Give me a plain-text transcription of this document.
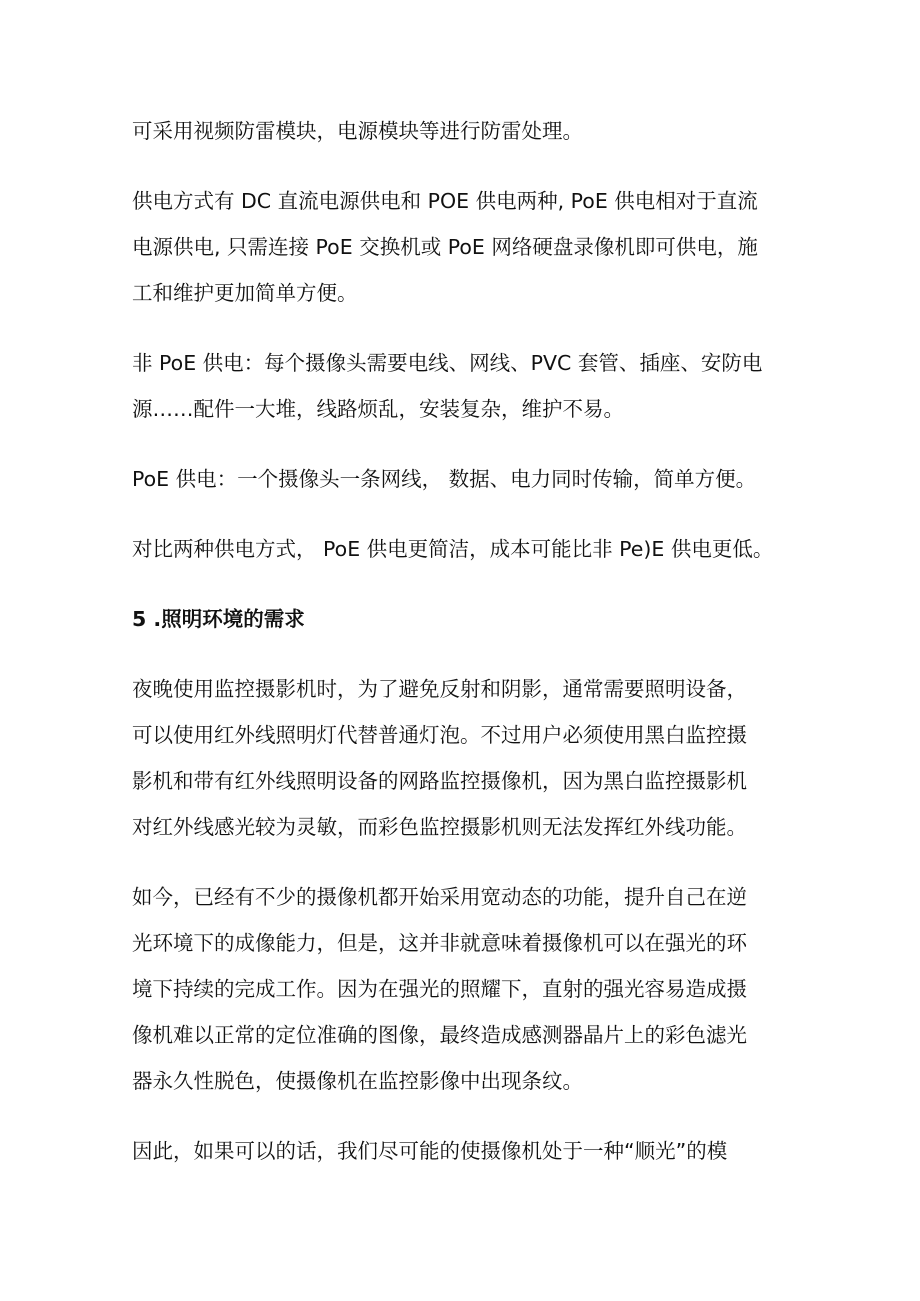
可采用视频防雷模块，电源模块等进行防雷处理。

供电方式有 DC 直流电源供电和 POE 供电两种, PoE 供电相对于直流
电源供电, 只需连接 PoE 交换机或 PoE 网络硬盘录像机即可供电，施
工和维护更加简单方便。

非 PoE 供电：每个摄像头需要电线、网线、PVC 套管、插座、安防电
源……配件一大堆，线路烦乱，安装复杂，维护不易。

PoE 供电：一个摄像头一条网线， 数据、电力同时传输，简单方便。

对比两种供电方式， PoE 供电更简洁，成本可能比非 Pe)E 供电更低。

5 .照明环境的需求

夜晚使用监控摄影机时，为了避免反射和阴影，通常需要照明设备，
可以使用红外线照明灯代替普通灯泡。不过用户必须使用黑白监控摄
影机和带有红外线照明设备的网路监控摄像机，因为黑白监控摄影机
对红外线感光较为灵敏，而彩色监控摄影机则无法发挥红外线功能。

如今，已经有不少的摄像机都开始采用宽动态的功能，提升自己在逆
光环境下的成像能力，但是，这并非就意味着摄像机可以在强光的环
境下持续的完成工作。因为在强光的照耀下，直射的强光容易造成摄
像机难以正常的定位准确的图像，最终造成感测器晶片上的彩色滤光
器永久性脱色，使摄像机在监控影像中出现条纹。

因此，如果可以的话，我们尽可能的使摄像机处于一种“顺光”的模
